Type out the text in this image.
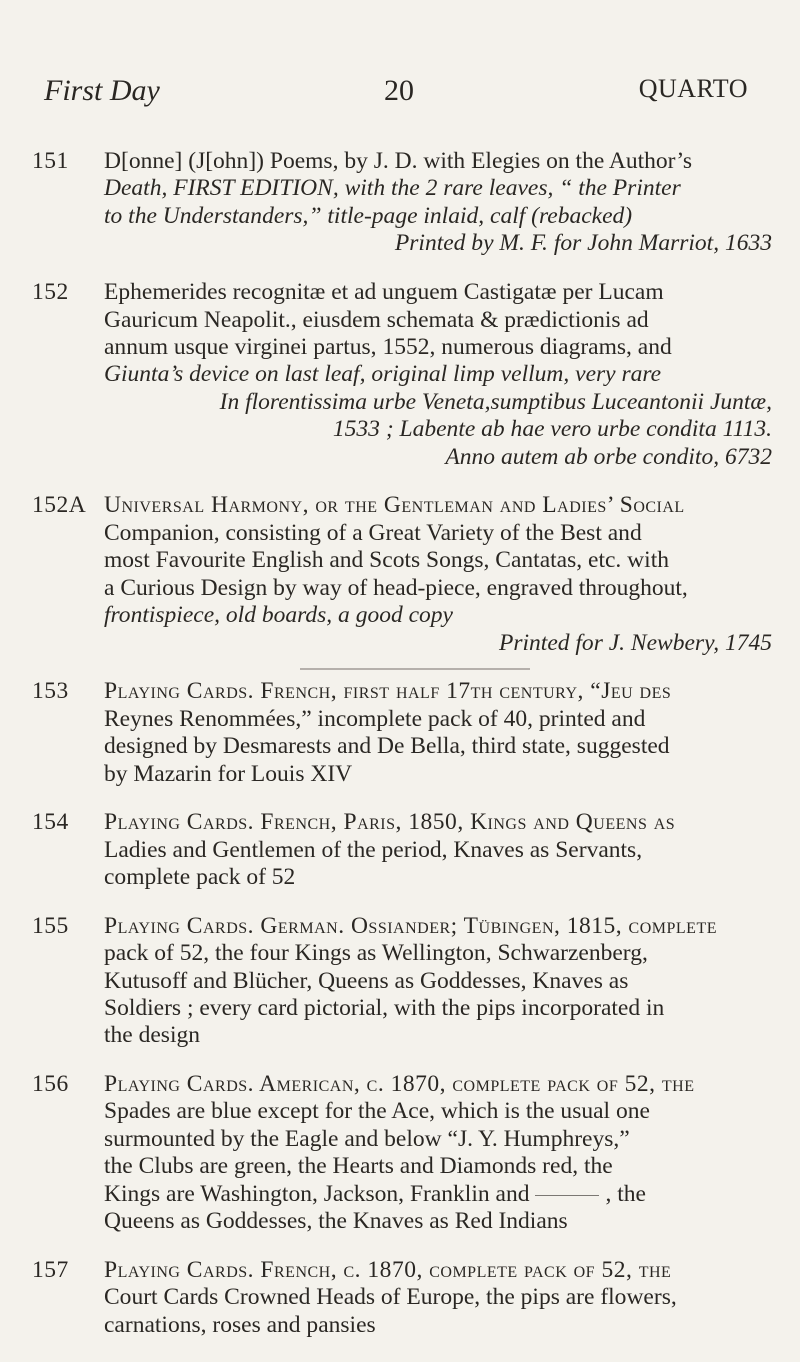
First Day	20	QUARTO
151	D[onne] (J[ohn]) Poems, by J. D. with Elegies on the Author’s
Death, FIRST EDITION, with the 2 rare leaves, “ the Printer
to the Understanders,” title-page inlaid, calf (rebacked)
Printed by M. F. for John Marriot, 1633
152	Ephemerides recognitæ et ad unguem Castigatæ per Lucam
Gauricum Neapolit., eiusdem schemata & prædictionis ad
annum usque virginei partus, 1552, numerous diagrams, and
Giunta’s device on last leaf, original limp vellum, very rare
In florentissima urbe Veneta,sumptibus Luceantonii Juntæ,
1533 ; Labente ab hae vero urbe condita 1113.
Anno autem ab orbe condito, 6732
152A Universal Harmony, or the Gentleman and Ladies’ Social
Companion, consisting of a Great Variety of the Best and
most Favourite English and Scots Songs, Cantatas, etc. with
a Curious Design by way of head-piece, engraved throughout,
frontispiece, old boards, a good copy
Printed for J. Newbery, 1745
153	Playing Cards. French, first half 17th century, “Jeu des
Reynes Renommées,” incomplete pack of 40, printed and
designed by Desmarests and De Bella, third state, suggested
by Mazarin for Louis XIV
154	Playing Cards. French, Paris, 1850, Kings and Queens as
Ladies and Gentlemen of the period, Knaves as Servants,
complete pack of 52
155	Playing Cards. German. Ossiander; Tübingen, 1815, complete
pack of 52, the four Kings as Wellington, Schwarzenberg,
Kutusoff and Blücher, Queens as Goddesses, Knaves as
Soldiers ; every card pictorial, with the pips incorporated in
the design
156	Playing Cards. American, c. 1870, complete pack of 52, the
Spades are blue except for the Ace, which is the usual one
surmounted by the Eagle and below “J. Y. Humphreys,”
the Clubs are green, the Hearts and Diamonds red, the
Kings are Washington, Jackson, Franklin and	, the
Queens as Goddesses, the Knaves as Red Indians
157	Playing Cards. French, c. 1870, complete pack of 52, the
Court Cards Crowned Heads of Europe, the pips are flowers,
carnations, roses and pansies
